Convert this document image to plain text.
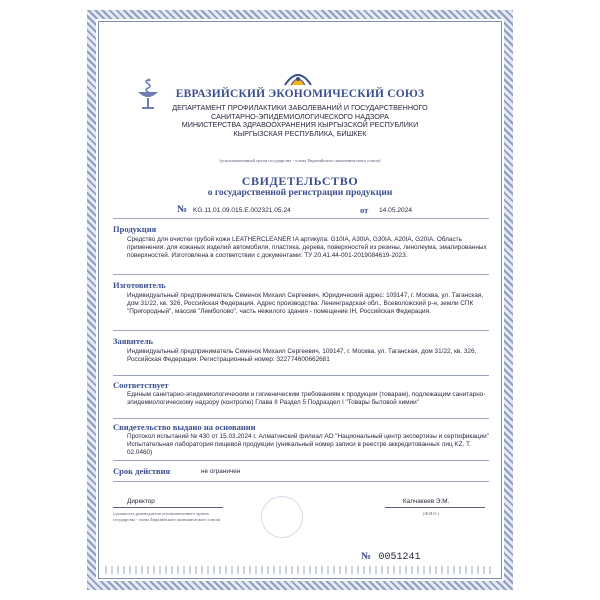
ЕВРАЗИЙСКИЙ ЭКОНОМИЧЕСКИЙ СОЮЗ
ДЕПАРТАМЕНТ ПРОФИЛАКТИКИ ЗАБОЛЕВАНИЙ И ГОСУДАРСТВЕННОГО
САНИТАРНО-ЭПИДЕМИОЛОГИЧЕСКОГО НАДЗОРА
МИНИСТЕРСТВА ЗДРАВООХРАНЕНИЯ КЫРГЫЗСКОЙ РЕСПУБЛИКИ
КЫРГЫЗСКАЯ РЕСПУБЛИКА, БИШКЕК
(уполномоченный орган государства - члена Евразийского экономического союза)
СВИДЕТЕЛЬСТВО
о государственной регистрации продукции
№ KG.11.01.09.015.E.002321.05.24	от 14.05.2024
Продукция
Средство для очистки грубой кожи LEATHERCLEANER IA артикула: G10IA, A30IA, G30IA, A20IA, G20IA. Область применения: для кожаных изделий автомобиля, пластика, дерева, поверхностей из резины, линолеума, эмалированных поверхностей. Изготовлена в соответствии с документами: ТУ 20.41.44-001-2019084619-2023.
Изготовитель
Индивидуальный предприниматель Семенок Михаил Сергеевич. Юридический адрес: 109147, г. Москва, ул. Таганская, дом 31/22, кв. 326, Российская Федерация. Адрес производства: Ленинградская обл., Всеволожский р-н, земли СПК "Пригородный", массив "Лемболово", часть нежилого здания - помещение IН, Российская Федерация.
Заявитель
Индивидуальный предприниматель Семенок Михаил Сергеевич, 109147, г. Москва, ул. Таганская, дом 31/22, кв. 326, Российская Федерация. Регистрационный номер: 322774600662681
Соответствует
Единым санитарно-эпидемиологическим и гигиеническим требованиям к продукции (товарам), подлежащим санитарно-эпидемиологическому надзору (контролю) Глава II Раздел 5 Подраздел I "Товары бытовой химии"
Свидетельство выдано на основании
Протокол испытаний № 430 от 15.03.2024 г. Алматинский филиал АО "Национальный центр экспертизы и сертификации" Испытательная лаборатория пищевой продукции (уникальный номер записи в реестре аккредитованных лиц KZ. T. 02.0460)
Срок действия	не ограничен
Директор
(должность руководителя уполномоченного органа государства - члена Евразийского экономического союза)
Калчакеев Э.М.
(Ф.И.О.)
№ 0051241
